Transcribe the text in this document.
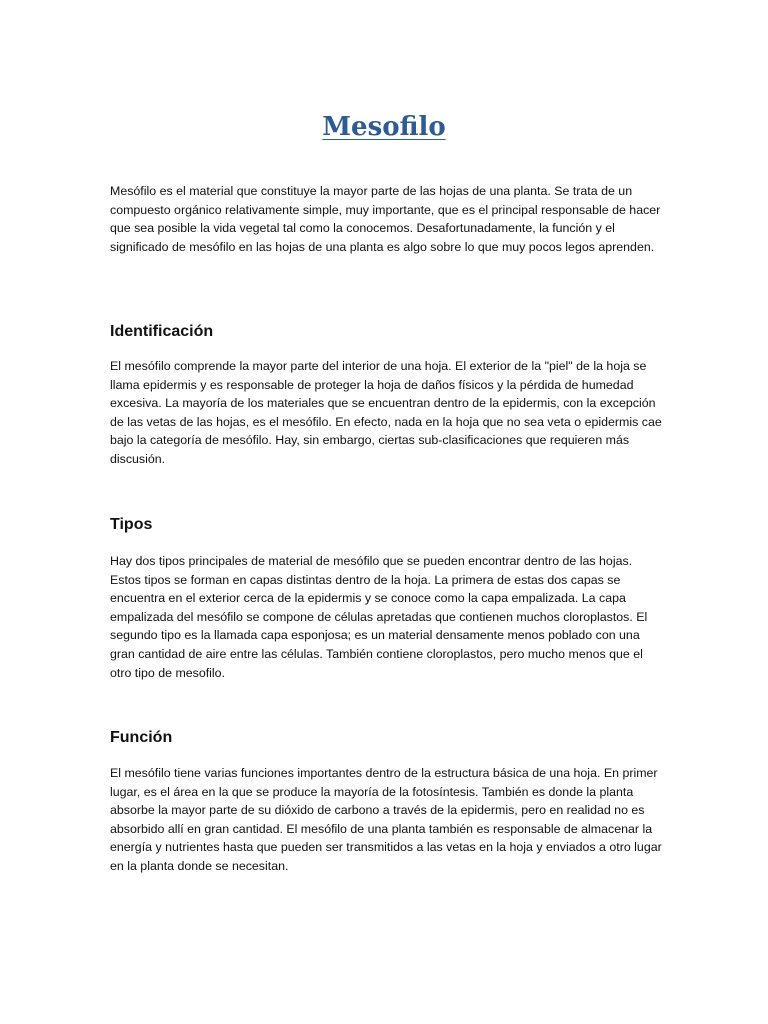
Mesofilo

Mesófilo es el material que constituye la mayor parte de las hojas de una planta. Se trata de un compuesto orgánico relativamente simple, muy importante, que es el principal responsable de hacer que sea posible la vida vegetal tal como la conocemos. Desafortunadamente, la función y el significado de mesófilo en las hojas de una planta es algo sobre lo que muy pocos legos aprenden.

Identificación

El mesófilo comprende la mayor parte del interior de una hoja. El exterior de la "piel" de la hoja se llama epidermis y es responsable de proteger la hoja de daños físicos y la pérdida de humedad excesiva. La mayoría de los materiales que se encuentran dentro de la epidermis, con la excepción de las vetas de las hojas, es el mesófilo. En efecto, nada en la hoja que no sea veta o epidermis cae bajo la categoría de mesófilo. Hay, sin embargo, ciertas sub-clasificaciones que requieren más discusión.

Tipos

Hay dos tipos principales de material de mesófilo que se pueden encontrar dentro de las hojas. Estos tipos se forman en capas distintas dentro de la hoja. La primera de estas dos capas se encuentra en el exterior cerca de la epidermis y se conoce como la capa empalizada. La capa empalizada del mesófilo se compone de células apretadas que contienen muchos cloroplastos. El segundo tipo es la llamada capa esponjosa; es un material densamente menos poblado con una gran cantidad de aire entre las células. También contiene cloroplastos, pero mucho menos que el otro tipo de mesofilo.

Función

El mesófilo tiene varias funciones importantes dentro de la estructura básica de una hoja. En primer lugar, es el área en la que se produce la mayoría de la fotosíntesis. También es donde la planta absorbe la mayor parte de su dióxido de carbono a través de la epidermis, pero en realidad no es absorbido allí en gran cantidad. El mesófilo de una planta también es responsable de almacenar la energía y nutrientes hasta que pueden ser transmitidos a las vetas en la hoja y enviados a otro lugar en la planta donde se necesitan.
